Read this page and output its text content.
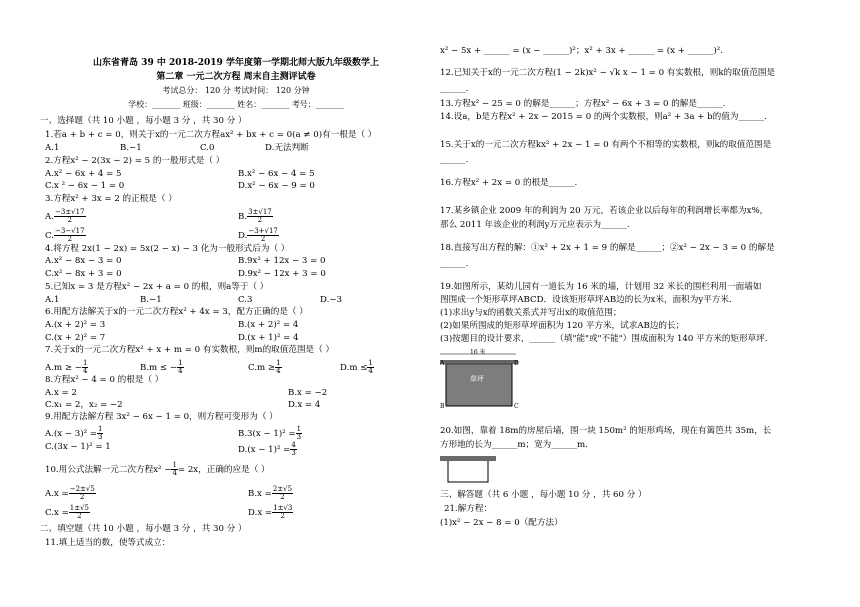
山东省青岛 39 中 2018-2019 学年度第一学期北师大版九年级数学上
第二章 一元二次方程 周末自主测评试卷
考试总分： 120 分 考试时间： 120 分钟
学校：_______ 班级：_______ 姓名：_______ 考号：_______
一、选择题（共 10 小题 ，每小题 3 分 ，共 30 分 ）
1.若a + b + c = 0，则关于x的一元二次方程ax² + bx + c = 0(a ≠ 0)有一根是（ ）
A.1	B.−1	C.0	D.无法判断
2.方程x² − 2(3x − 2) = 5 的一般形式是（ ）
A.x² − 6x + 4 = 5	B.x² − 6x − 4 = 5
C.x ² − 6x − 1 = 0	D.x² − 6x − 9 = 0
3.方程x² + 3x = 2 的正根是（ ）
A. $\frac{-3\pm√17}{2}$	B. $\frac{3\pm√17}{2}$
C. $\frac{-3-√17}{2}$	D. $\frac{-3+√17}{2}$
4.将方程 2x(1 − 2x) = 5x(2 − x) − 3 化为一般形式后为（ ）
A.x² − 8x − 3 = 0	B.9x² + 12x − 3 = 0
C.x² − 8x + 3 = 0	D.9x² − 12x + 3 = 0
5.已知x = 3 是方程x² − 2x + a = 0 的根，则a等于（ ）
A.1	B.−1	C.3	D.−3
6.用配方法解关于x的一元二次方程x² + 4x = 3，配方正确的是（ ）
A.(x + 2)² = 3	B.(x + 2)² = 4
C.(x + 2)² = 7	D.(x + 1)² = 4
7.关于x的一元二次方程x² + x + m = 0 有实数根，则m的取值范围是（ ）
A.m ≥ − $\frac{1}{4}$	B.m ≤ − $\frac{1}{4}$	$C.m \ge \frac{1}{4}$	$D.m \le \frac{1}{4}$
8.方程x² − 4 = 0 的根是（ ）
A.x = 2	B.x = −2
C.x₁ = 2，x₂ = −2	D.x = 4
9.用配方法解方程 3x² − 6x − 1 = 0，则方程可变形为（ ）
$A.(x - 3)^2 = \frac{1}{3}$	$B.3(x - 1)^2 = \frac{1}{3}$
C.(3x − 1)² = 1	$D.(x - 1)^2 = \frac{4}{3}$
10.用公式法解一元二次方程$x^2 - \frac{1}{4} = 2x$，正确的应是（ ）
$A.x = \frac{-2\pm√5}{2}$	$B.x = \frac{2\pm√5}{2}$
$C.x = \frac{1\pm√5}{2}$	$D.x = \frac{1\pm√3}{2}$
二、填空题（共 10 小题 ，每小题 3 分 ，共 30 分 ）
11.填上适当的数，使等式成立：
x² − 5x + ______ = (x − ______)²；x² + 3x + ______ = (x + ______)².
12.已知关于x的一元二次方程(1 − 2k)x² − √k x − 1 = 0 有实数根，则k的取值范围是
______.
13.方程x² − 25 = 0 的解是______；方程x² − 6x + 3 = 0 的解是______.
14.设a，b是方程x² + 2x − 2015 = 0 的两个实数根，则a² + 3a + b的值为______.
15.关于x的一元二次方程kx² + 2x − 1 = 0 有两个不相等的实数根，则k的取值范围是
______.
16.方程x² + 2x = 0 的根是______.
17.某乡镇企业 2009 年的利润为 20 万元，若该企业以后每年的利润增长率都为x%，
那么 2011 年该企业的利润y万元应表示为______.
18.直接写出方程的解：①x² + 2x + 1 = 9 的解是______；②x² − 2x − 3 = 0 的解是
______.
19.如图所示，某幼儿园有一道长为 16 米的墙，计划用 32 米长的围栏利用一面墙如
图围成一个矩形草坪ABCD．设该矩形草坪AB边的长为x米，面积为y平方米．
(1)求出y与x的函数关系式并写出x的取值范围；
(2)如果所围成的矩形草坪面积为 120 平方米，试求AB边的长；
(3)按题目的设计要求，______（填"能"或"不能"）围成面积为 140 平方米的矩形草坪.
16 米
草坪
A	D
B	C
20.如图，靠着 18m的房屋后墙，围一块 150m² 的矩形鸡场，现在有篱笆共 35m，长
方形地的长为______m；宽为______m.
三、解答题（共 6 小题 ，每小题 10 分 ，共 60 分 ）
21.解方程：
(1)x² − 2x − 8 = 0（配方法）
